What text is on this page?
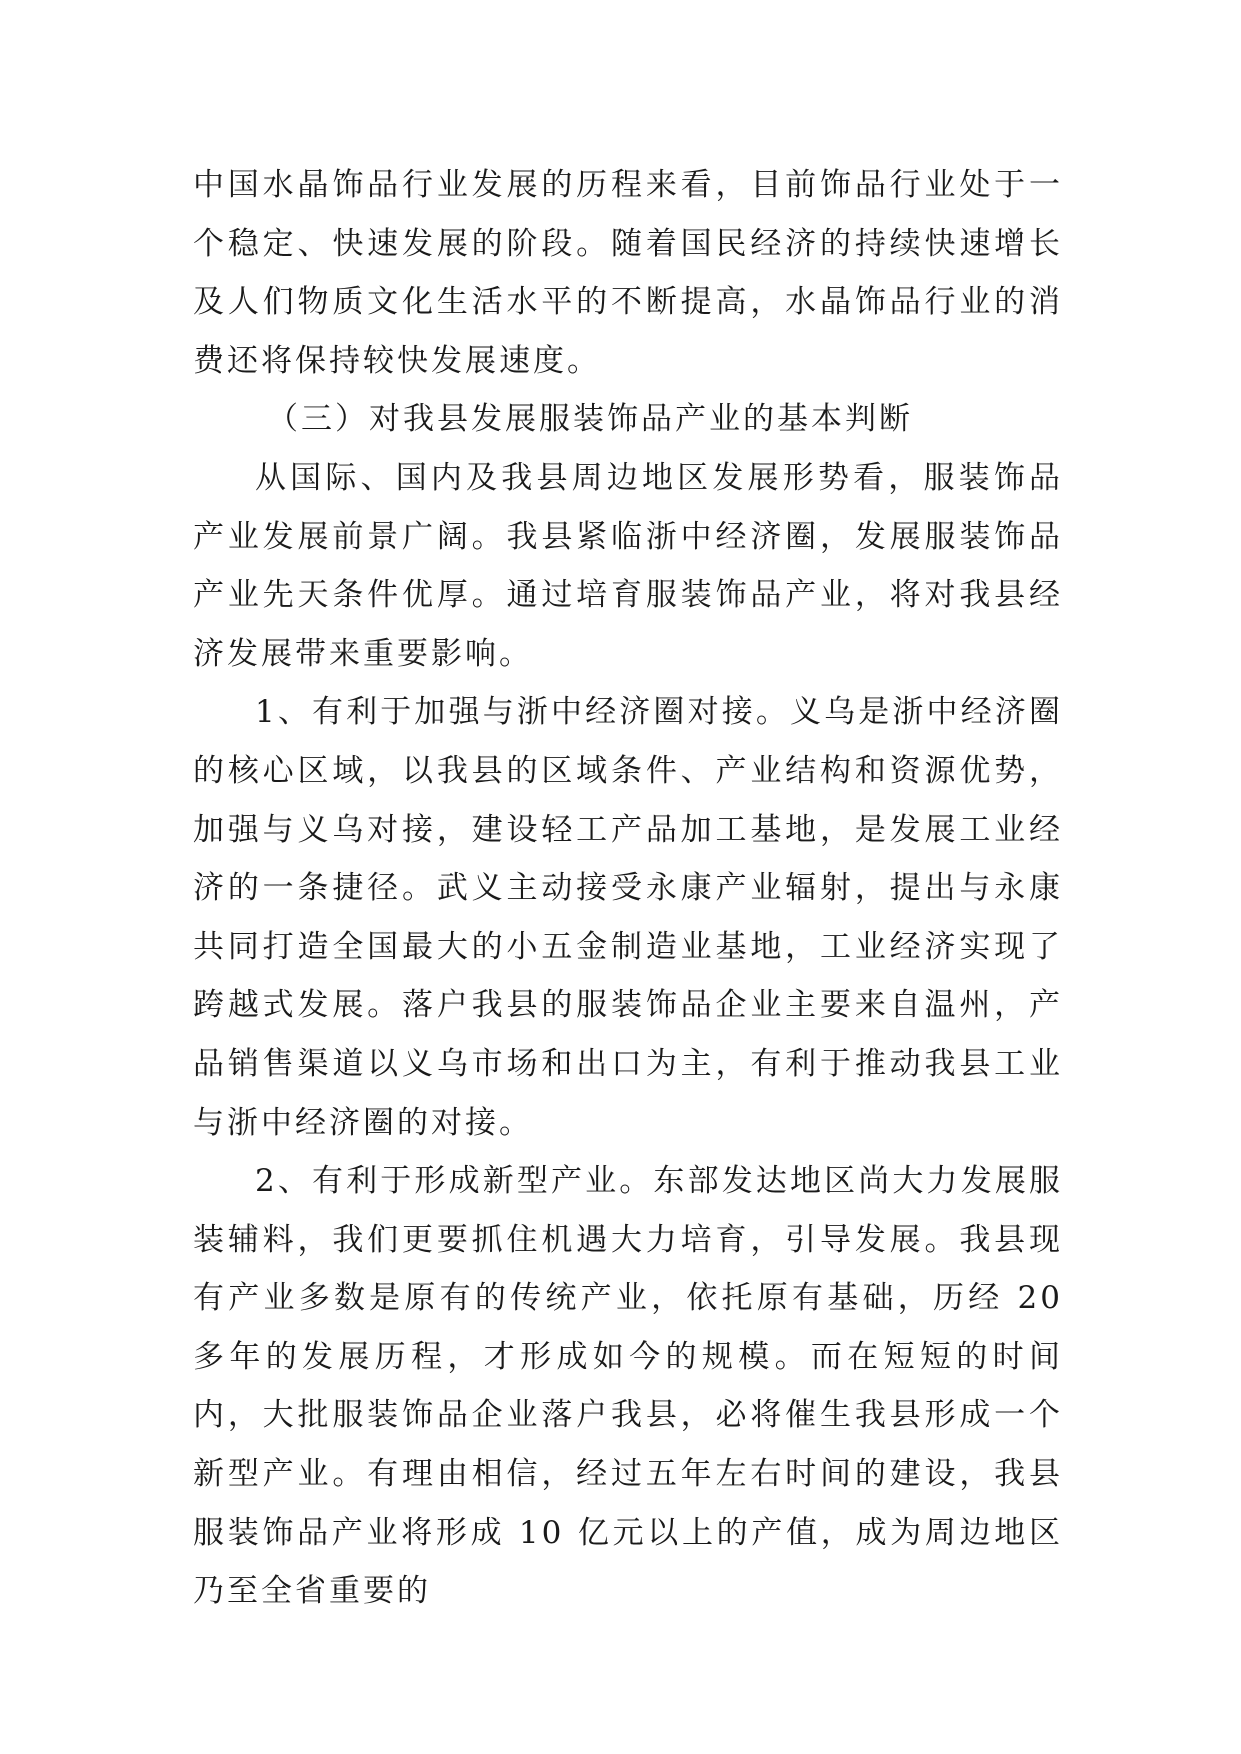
中国水晶饰品行业发展的历程来看，目前饰品行业处于一个稳定、快速发展的阶段。随着国民经济的持续快速增长及人们物质文化生活水平的不断提高，水晶饰品行业的消费还将保持较快发展速度。

（三）对我县发展服装饰品产业的基本判断

从国际、国内及我县周边地区发展形势看，服装饰品产业发展前景广阔。我县紧临浙中经济圈，发展服装饰品产业先天条件优厚。通过培育服装饰品产业，将对我县经济发展带来重要影响。

1、有利于加强与浙中经济圈对接。义乌是浙中经济圈的核心区域，以我县的区域条件、产业结构和资源优势，加强与义乌对接，建设轻工产品加工基地，是发展工业经济的一条捷径。武义主动接受永康产业辐射，提出与永康共同打造全国最大的小五金制造业基地，工业经济实现了跨越式发展。落户我县的服装饰品企业主要来自温州，产品销售渠道以义乌市场和出口为主，有利于推动我县工业与浙中经济圈的对接。

2、有利于形成新型产业。东部发达地区尚大力发展服装辅料，我们更要抓住机遇大力培育，引导发展。我县现有产业多数是原有的传统产业，依托原有基础，历经 20 多年的发展历程，才形成如今的规模。而在短短的时间内，大批服装饰品企业落户我县，必将催生我县形成一个新型产业。有理由相信，经过五年左右时间的建设，我县服装饰品产业将形成 10 亿元以上的产值，成为周边地区乃至全省重要的
